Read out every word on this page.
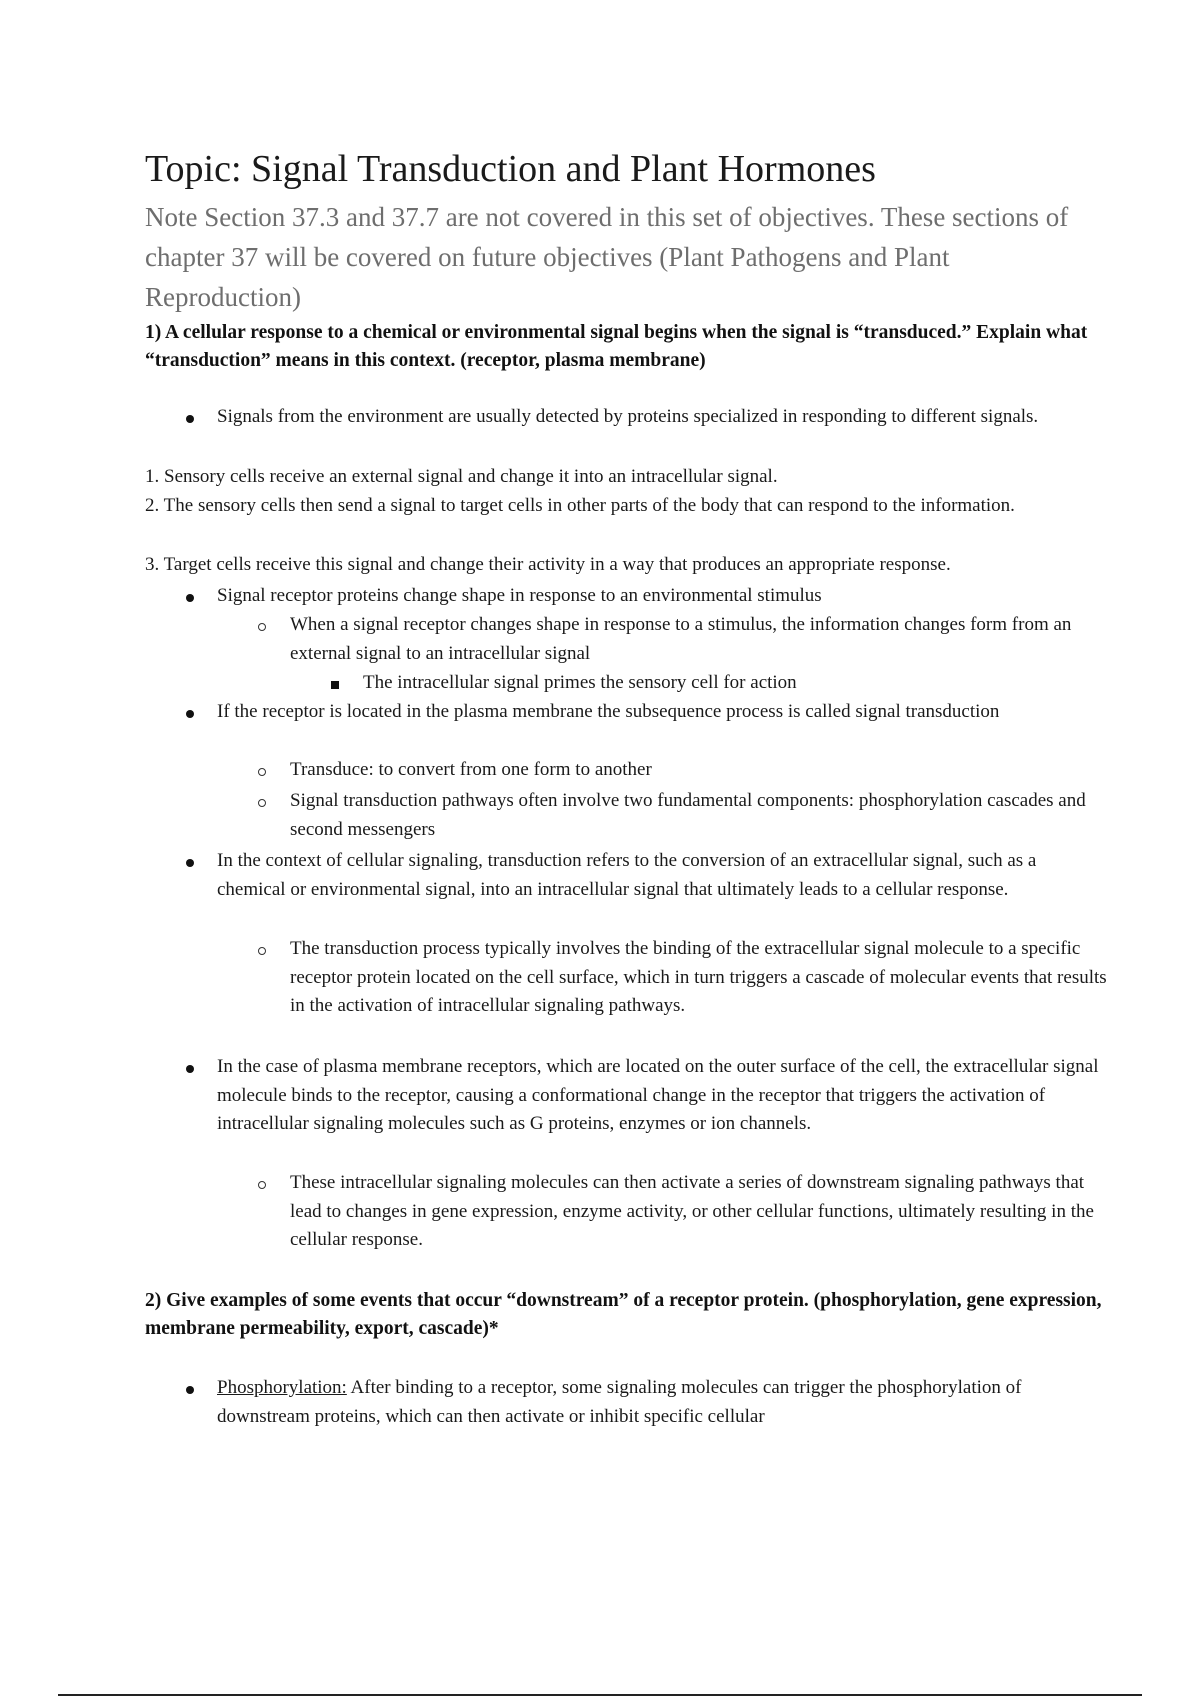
Topic: Signal Transduction and Plant Hormones
Note Section 37.3 and 37.7 are not covered in this set of objectives. These sections of chapter 37 will be covered on future objectives (Plant Pathogens and Plant Reproduction)
1) A cellular response to a chemical or environmental signal begins when the signal is “transduced.” Explain what “transduction” means in this context. (receptor, plasma membrane)
Signals from the environment are usually detected by proteins specialized in responding to different signals.
1. Sensory cells receive an external signal and change it into an intracellular signal.
2. The sensory cells then send a signal to target cells in other parts of the body that can respond to the information.
3. Target cells receive this signal and change their activity in a way that produces an appropriate response.
Signal receptor proteins change shape in response to an environmental stimulus
When a signal receptor changes shape in response to a stimulus, the information changes form from an external signal to an intracellular signal
The intracellular signal primes the sensory cell for action
If the receptor is located in the plasma membrane the subsequence process is called signal transduction
Transduce: to convert from one form to another
Signal transduction pathways often involve two fundamental components: phosphorylation cascades and second messengers
In the context of cellular signaling, transduction refers to the conversion of an extracellular signal, such as a chemical or environmental signal, into an intracellular signal that ultimately leads to a cellular response.
The transduction process typically involves the binding of the extracellular signal molecule to a specific receptor protein located on the cell surface, which in turn triggers a cascade of molecular events that results in the activation of intracellular signaling pathways.
In the case of plasma membrane receptors, which are located on the outer surface of the cell, the extracellular signal molecule binds to the receptor, causing a conformational change in the receptor that triggers the activation of intracellular signaling molecules such as G proteins, enzymes or ion channels.
These intracellular signaling molecules can then activate a series of downstream signaling pathways that lead to changes in gene expression, enzyme activity, or other cellular functions, ultimately resulting in the cellular response.
2) Give examples of some events that occur “downstream” of a receptor protein. (phosphorylation, gene expression, membrane permeability, export, cascade)*
Phosphorylation: After binding to a receptor, some signaling molecules can trigger the phosphorylation of downstream proteins, which can then activate or inhibit specific cellular
